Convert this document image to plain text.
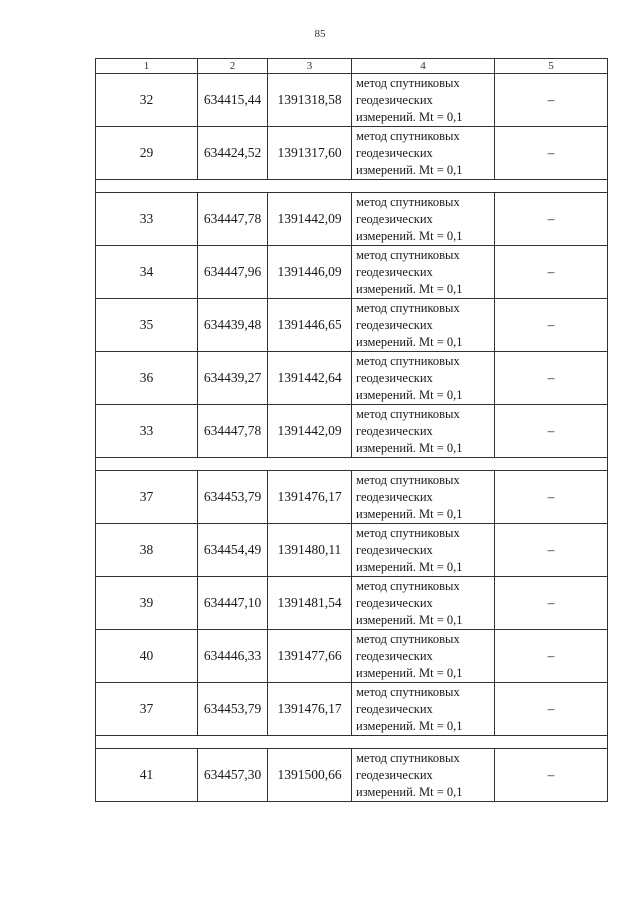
85
1	2	3	4	5
32	634415,44	1391318,58	метод спутниковых
геодезических
измерений. Mt = 0,1	–
29	634424,52	1391317,60	метод спутниковых
геодезических
измерений. Mt = 0,1	–

33	634447,78	1391442,09	метод спутниковых
геодезических
измерений. Mt = 0,1	–
34	634447,96	1391446,09	метод спутниковых
геодезических
измерений. Mt = 0,1	–
35	634439,48	1391446,65	метод спутниковых
геодезических
измерений. Mt = 0,1	–
36	634439,27	1391442,64	метод спутниковых
геодезических
измерений. Mt = 0,1	–
33	634447,78	1391442,09	метод спутниковых
геодезических
измерений. Mt = 0,1	–

37	634453,79	1391476,17	метод спутниковых
геодезических
измерений. Mt = 0,1	–
38	634454,49	1391480,11	метод спутниковых
геодезических
измерений. Mt = 0,1	–
39	634447,10	1391481,54	метод спутниковых
геодезических
измерений. Mt = 0,1	–
40	634446,33	1391477,66	метод спутниковых
геодезических
измерений. Mt = 0,1	–
37	634453,79	1391476,17	метод спутниковых
геодезических
измерений. Mt = 0,1	–

41	634457,30	1391500,66	метод спутниковых
геодезических
измерений. Mt = 0,1	–
